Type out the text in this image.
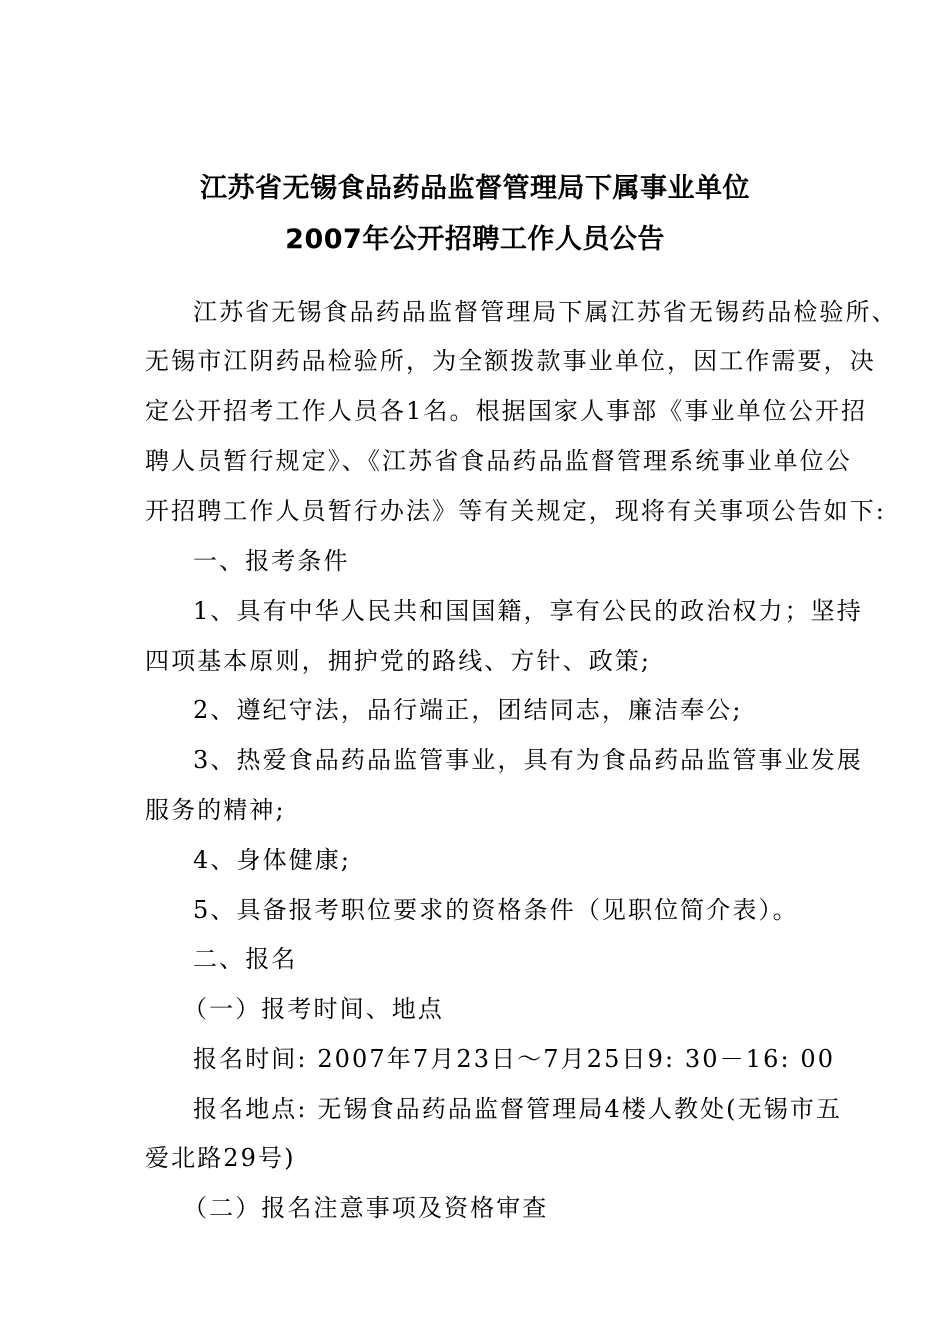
江苏省无锡食品药品监督管理局下属事业单位
2007年公开招聘工作人员公告
江苏省无锡食品药品监督管理局下属江苏省无锡药品检验所、
无锡市江阴药品检验所，为全额拨款事业单位，因工作需要，决
定公开招考工作人员各1名。根据国家人事部《事业单位公开招
聘人员暂行规定》、《江苏省食品药品监督管理系统事业单位公
开招聘工作人员暂行办法》等有关规定，现将有关事项公告如下:
一、报考条件
1、具有中华人民共和国国籍，享有公民的政治权力；坚持
四项基本原则，拥护党的路线、方针、政策;
2、遵纪守法，品行端正，团结同志，廉洁奉公;
3、热爱食品药品监管事业，具有为食品药品监管事业发展
服务的精神;
4、身体健康;
5、具备报考职位要求的资格条件（见职位简介表）。
二、报名
（一）报考时间、地点
报名时间: 2007年7月23日～7月25日9: 30－16: 00
报名地点: 无锡食品药品监督管理局4楼人教处(无锡市五
爱北路29号)
（二）报名注意事项及资格审查
